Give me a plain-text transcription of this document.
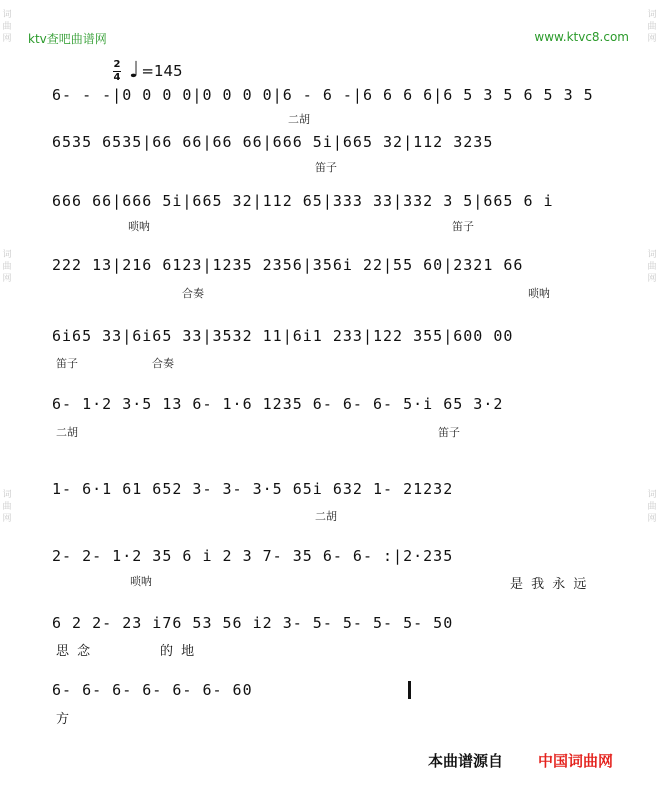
词
曲
网
词
曲
网
词
曲
网
词
曲
网
词
曲
网
词
曲
网
ktv查吧曲谱网	www.ktvc8.com
2
4 ♩ =145
6- - -|0 0 0 0|0 0 0 0|6 - 6 -|6 6 6 6|6 5 3 5 6 5 3 5
二胡
6535 6535|66 66|66 66|666 5i|665 32|112 3235
笛子
666 66|666 5i|665 32|112 65|333 33|332 3 5|665 6 i
唢呐	笛子
222 13|216 6123|1235 2356|356i 22|55 60|2321 66
合奏	唢呐
6i65 33|6i65 33|3532 11|6i1 233|122 355|600 00
笛子	合奏
6- 1·2 3·5 13 6- 1·6 1235 6- 6- 6- 5·i 65 3·2
二胡	笛子
1- 6·1 61 652 3- 3- 3·5 65i 632 1- 21232
二胡
2- 2- 1·2 35 6 i 2 3 7- 35 6- 6- :|2·235
唢呐	是 我 永 远
6 2 2- 23 i76 53 56 i2 3- 5- 5- 5- 5- 50
思 念	的 地
6- 6- 6- 6- 6- 6- 60
方
本曲谱源自 中国词曲网
